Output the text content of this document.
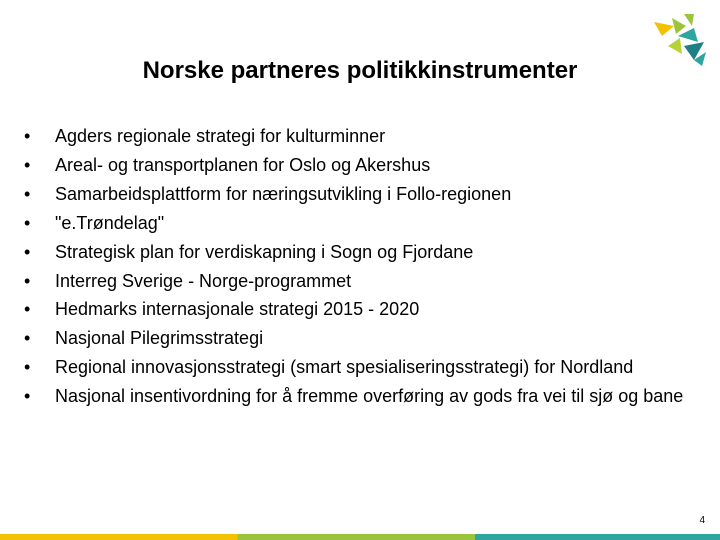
Norske partneres politikkinstrumenter
• Agders regionale strategi for kulturminner
• Areal- og transportplanen for Oslo og Akershus
• Samarbeidsplattform for næringsutvikling i Follo-regionen
• "e.Trøndelag"
• Strategisk plan for verdiskapning i Sogn og Fjordane
• Interreg Sverige - Norge-programmet
• Hedmarks internasjonale strategi 2015 - 2020
• Nasjonal Pilegrimsstrategi
• Regional innovasjonsstrategi (smart spesialiseringsstrategi) for Nordland
• Nasjonal insentivordning for å fremme overføring av gods fra vei til sjø og bane
4
